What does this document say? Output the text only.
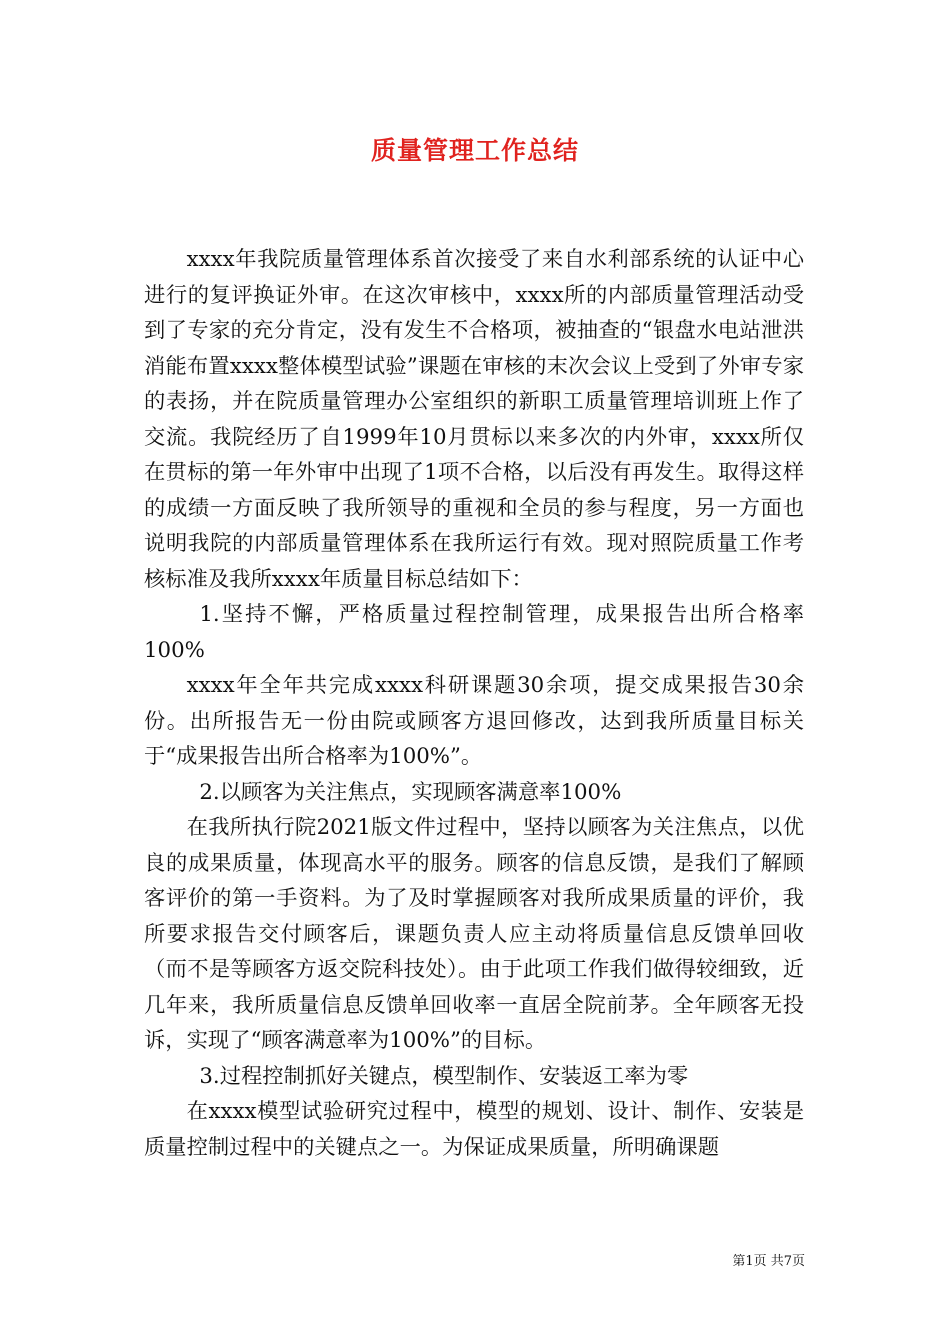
质量管理工作总结

xxxx年我院质量管理体系首次接受了来自水利部系统的认证中心进行的复评换证外审。在这次审核中，xxxx所的内部质量管理活动受到了专家的充分肯定，没有发生不合格项，被抽查的“银盘水电站泄洪消能布置xxxx整体模型试验”课题在审核的末次会议上受到了外审专家的表扬，并在院质量管理办公室组织的新职工质量管理培训班上作了交流。我院经历了自1999年10月贯标以来多次的内外审，xxxx所仅在贯标的第一年外审中出现了1项不合格，以后没有再发生。取得这样的成绩一方面反映了我所领导的重视和全员的参与程度，另一方面也说明我院的内部质量管理体系在我所运行有效。现对照院质量工作考核标准及我所xxxx年质量目标总结如下：

1.坚持不懈，严格质量过程控制管理，成果报告出所合格率100%

xxxx年全年共完成xxxx科研课题30余项，提交成果报告30余份。出所报告无一份由院或顾客方退回修改，达到我所质量目标关于“成果报告出所合格率为100%”。

2.以顾客为关注焦点，实现顾客满意率100%

在我所执行院2021版文件过程中，坚持以顾客为关注焦点，以优良的成果质量，体现高水平的服务。顾客的信息反馈，是我们了解顾客评价的第一手资料。为了及时掌握顾客对我所成果质量的评价，我所要求报告交付顾客后，课题负责人应主动将质量信息反馈单回收（而不是等顾客方返交院科技处）。由于此项工作我们做得较细致，近几年来，我所质量信息反馈单回收率一直居全院前茅。全年顾客无投诉，实现了“顾客满意率为100%”的目标。

3.过程控制抓好关键点，模型制作、安装返工率为零

在xxxx模型试验研究过程中，模型的规划、设计、制作、安装是质量控制过程中的关键点之一。为保证成果质量，所明确课题

第1页 共7页
